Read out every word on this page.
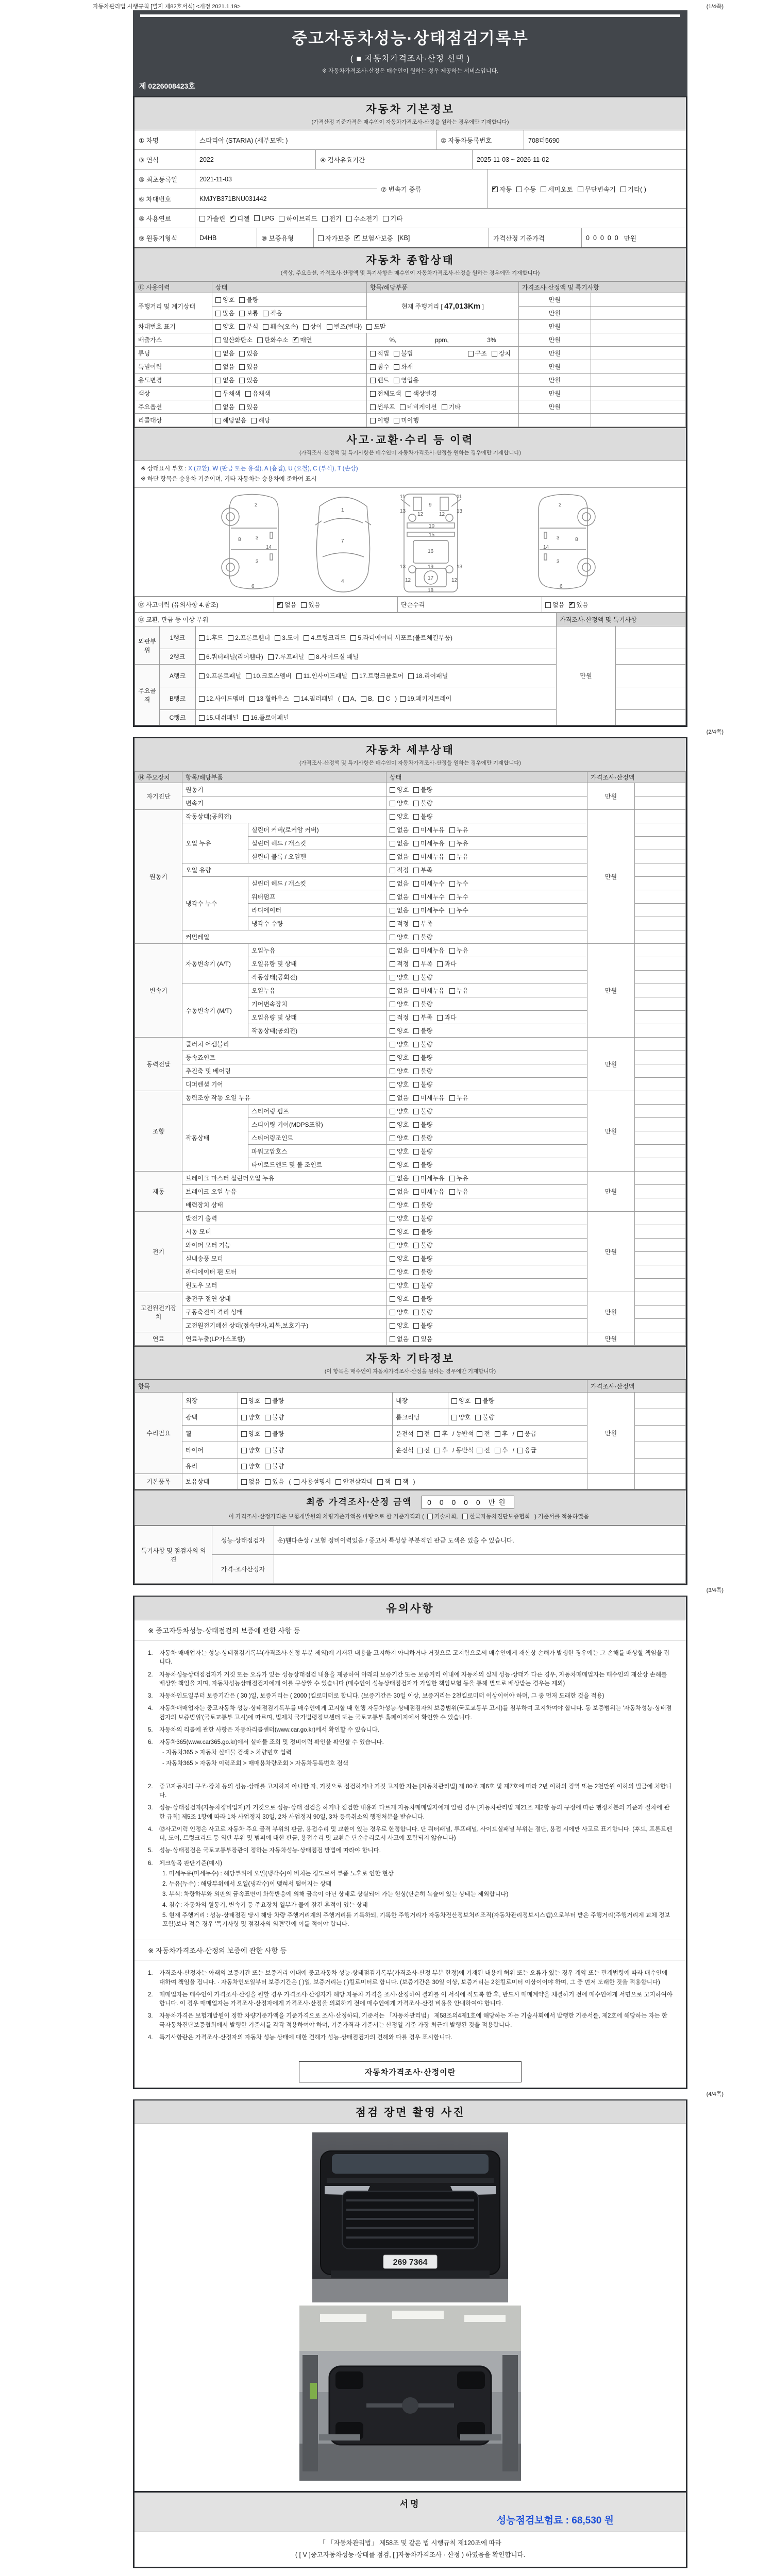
자동차관리법 시행규칙 [별지 제82호서식] <개정 2021.1.19>	(1/4쪽)
중고자동차성능·상태점검기록부
( ■ 자동차가격조사·산정 선택 )
※ 자동차가격조사·산정은 매수인이 원하는 경우 제공하는 서비스입니다.
제 0226008423호
자동차 기본정보
(가격산정 기준가격은 매수인이 자동차가격조사·산정을 원하는 경우에만 기재합니다)
① 차명	스타리아 (STARIA) (세부모델: )	② 자동차등록번호	708더5690
③ 연식	2022	④ 검사유효기간	2025-11-03 ~ 2026-11-02
⑤ 최초등록일	2021-11-03
⑥ 차대번호	KMJYB371BNU031442
⑦ 변속기 종류 ✔	자동	수동	세미오토	무단변속기	기타( )
⑧ 사용연료	가솔린 ✔	디젤	LPG	하이브리드	전기	수소전기	기타
⑨ 원동기형식	D4HB	⑩ 보증유형	자가보증 ✔	보험사보증 [KB]	가격산정 기준가격	00000 만원
자동차 종합상태
(색상, 주요옵션, 가격조사·산정액 및 특기사항은 매수인이 자동차가격조사·산정을 원하는 경우에만 기재합니다)
⑪ 사용이력	상태	항목/해당부품	가격조사·산정액 및 특기사항	
주행거리 및 계기상태	양호 불량	현재 주행거리 [ 47,013Km ]	만원	
	많음 보통 적음		만원	
차대번호 표기	양호 부식 훼손(오손) 상이 변조(변타) 도말		만원	
배출가스	일산화탄소 탄화수소 ✔ 매연	%, ppm, 3%	만원	
튜닝	없음 있음	적법 불법 구조 장치	만원	
특별이력	없음 있음	침수 화재	만원	
용도변경	없음 있음	렌트 영업용	만원	
색상	무채색 유채색	전체도색 색상변경	만원	
주요옵션	없음 있음	썬루프 네비게이션 기타	만원	
리콜대상	해당없음 해당	이행 미이행		
사고·교환·수리 등 이력
(가격조사·산정액 및 특기사항은 매수인이 자동차가격조사·산정을 원하는 경우에만 기재합니다)
※ 상태표시 부호 : X (교환), W (판금 또는 용접), A (흠집), U (요철), C (부식), T (손상)
※ 하단 항목은 승용차 기준이며, 기타 자동차는 승용차에 준하여 표시
2
8	3
14
3
6
1
7
4
11	11
9
13	13
12	12
10
15
16
13	13
12	12
17
18
19
2
8
3
14
3
6
⑫ 사고이력 (유의사항 4.참조)	✔없음 있음	단순수리	없음 ✔ 있음
⑬ 교환, 판금 등 이상 부위			가격조사·산정액 및 특기사항	
외판부위	1랭크	1.후드 2.프론트휀더 3.도어 4.트렁크리드 5.라디에이터 서포트(볼트체결부품)	만원	
	2랭크	6.쿼터패널(리어휀다) 7.루프패널 8.사이드실 패널		
주요골격	A랭크	9.프론트패널 10.크로스멤버 11.인사이드패널 17.트렁크플로어 18.리어패널		
	B랭크	12.사이드멤버 13 휠하우스 14.필러패널 ( A, B, C ) 19.패키지트레이		
	C랭크	15.대쉬패널 16.플로어패널		
(2/4쪽)
자동차 세부상태
(가격조사·산정액 및 특기사항은 매수인이 자동차가격조사·산정을 원하는 경우에만 기재합니다)
⑭ 주요장치	항목/해당부품		상태	가격조사·산정액	
자기진단	원동기		양호 불량	만원	
	변속기		양호 불량		
원동기	작동상태(공회전)		양호 불량	만원	
	오일 누유	실린더 커버(로커암 커버)	없음 미세누유 누유		
		실린더 헤드 / 개스킷	없음 미세누유 누유		
		실린더 블록 / 오일팬	없음 미세누유 누유		
	오일 유량		적정 부족		
	냉각수 누수	실린더 헤드 / 개스킷	없음 미세누수 누수		
		워터펌프	없음 미세누수 누수		
		라디에이터	없음 미세누수 누수		
		냉각수 수량	적정 부족		
	커먼레일		양호 불량		
변속기	자동변속기 (A/T)	오일누유	없음 미세누유 누유	만원	
		오일유량 및 상태	적정 부족 과다		
		작동상태(공회전)	양호 불량		
	수동변속기 (M/T)	오일누유	없음 미세누유 누유		
		기어변속장치	양호 불량		
		오일유량 및 상태	적정 부족 과다		
		작동상태(공회전)	양호 불량		
동력전달	클러치 어셈블리		양호 불량	만원	
	등속죠인트		양호 불량		
	추진축 및 베어링		양호 불량		
	디퍼렌셜 기어		양호 불량		
조향	동력조향 작동 오일 누유		없음 미세누유 누유	만원	
	작동상태	스티어링 펌프	양호 불량		
		스티어링 기어(MDPS포함)	양호 불량		
		스티어링조인트	양호 불량		
		파워고압호스	양호 불량		
		타이로드엔드 및 볼 조인트	양호 불량		
제동	브레이크 마스터 실린더오일 누유		없음 미세누유 누유	만원	
	브레이크 오일 누유		없음 미세누유 누유		
	배력장치 상태		양호 불량		
전기	발전기 출력		양호 불량	만원	
	시동 모터		양호 불량		
	와이퍼 모터 기능		양호 불량		
	실내송풍 모터		양호 불량		
	라디에이터 팬 모터		양호 불량		
	윈도우 모터		양호 불량		
고전원전기장치	충전구 절연 상태		양호 불량	만원	
	구동축전지 격리 상태		양호 불량		
	고전원전기배선 상태(접속단자,피복,보호기구)		양호 불량		
연료	연료누출(LP가스포함)		없음 있음	만원	
자동차 기타정보
(이 항목은 매수인이 자동차가격조사·산정을 원하는 경우에만 기재합니다)
항목					가격조사·산정액	
수리필요	외장	양호 불량	내장	양호 불량	만원	
	광택	양호 불량	룸크리닝	양호 불량		
	휠	양호 불량	운전석 전 후 / 동반석 전 후 / 응급			
	타이어	양호 불량	운전석 전 후 / 동반석 전 후 / 응급			
	유리	양호 불량				
기본품목	보유상태	없음 있음 ( 사용설명서 안전삼각대 잭 잭 )				
최종 가격조사·산정 금액 0 0 0 0 0 만원
이 가격조사·산정가격은 보험개발원의 차량기준가액을 바탕으로 한 기준가격과 ( 기술사회, 한국자동차진단보증협회 ) 기준서를 적용하였음
특기사항 및 점검자의 의견	성능·상태점검자	운)휀다손상 / 보험 정비이력있음 / 중고차 특성상 부분적인 판금 도색은 있을 수 있습니다.
	가격·조사산정자	
(3/4쪽)
유의사항
※ 중고자동차성능·상태점검의 보증에 관한 사항 등
1.	자동차 매매업자는 성능·상태점검기록부(가격조사·산정 부분 제외)에 기재된 내용을 고지하지 아니하거나 거짓으로 고지함으로써 매수인에게 재산상 손해가 발생한 경우에는 그 손해를 배상할 책임을 집니다.
2.	자동차성능상태점검자가 거짓 또는 오류가 있는 성능상태점검 내용을 제공하여 아래의 보증기간 또는 보증거리 이내에 자동차의 실제 성능·상태가 다른 경우, 자동차매매업자는 매수인의 재산상 손해를 배상할 책임을 지며, 자동차성능상태점검자에게 이를 구상할 수 있습니다.(매수인이 성능상태점검자가 가입한 책임보험 등을 통해 별도로 배상받는 경우는 제외)
3.	자동차인도일부터 보증기간은 ( 30 )일, 보증거리는 ( 2000 )킬로미터로 합니다. (보증기간은 30일 이상, 보증거리는 2천킬로미터 이상이어야 하며, 그 중 먼저 도래한 것을 적용)
4.	자동차매매업자는 중고자동차 성능·상태점검기록부를 매수인에게 고지할 때 현행 자동차성능·상태점검자의 보증범위(국토교통부 고시)를 첨부하여 고지하여야 합니다. 동 보증범위는 '자동차성능·상태점검자의 보증범위'(국토교통부 고시)에 따르며, 법제처 국가법령정보센터 또는 국토교통부 홈페이지에서 확인할 수 있습니다.
5.	자동차의 리콜에 관한 사항은 자동차리콜센터(www.car.go.kr)에서 확인할 수 있습니다.
6.	자동차365(www.car365.go.kr)에서 실매물 조회 및 정비이력 확인을 확인할 수 있습니다.
- 자동차365 > 자동차 실매물 검색 > 차량번호 입력
- 자동차365 > 자동차 이력조회 > 매매용차량조회 > 자동차등록번호 검색
2.	중고자동차의 구조·장치 등의 성능·상태를 고지하지 아니한 자, 거짓으로 점검하거나 거짓 고지한 자는 [자동차관리법] 제 80조 제6호 및 제7호에 따라 2년 이하의 징역 또는 2천만원 이하의 벌금에 처합니다.
3.	성능·상태점검자(자동차정비업자)가 거짓으로 성능·상태 점검을 하거나 점검한 내용과 다르게 자동차매매업자에게 알린 경우 [자동차관리법 제21조 제2항 등의 규정에 따른 행정처분의 기준과 절차에 관한 규칙] 제5조 1항에 따라 1차 사업정지 30일, 2차 사업정지 90일, 3차 등록취소의 행정처분을 받습니다.
4.	⑫사고이력 인정은 사고로 자동차 주요 골격 부위의 판금, 용접수리 및 교환이 있는 경우로 한정합니다. 단 쿼터패널, 루프패널, 사이드실패널 부위는 절단, 용접 시에만 사고로 표기합니다. (후드, 프론트펜더, 도어, 트렁크리드 등 외판 부위 및 범퍼에 대한 판금, 용접수리 및 교환은 단순수리로서 사고에 포함되지 않습니다)
5.	성능·상태점검은 국토교통부장관이 정하는 자동차성능·상태점검 방법에 따라야 합니다.
6.	체크항목 판단기준(예시)
1. 미세누유(미세누수) : 해당부위에 오일(냉각수)이 비치는 정도로서 부품 노후로 인한 현상
2. 누유(누수) : 해당부위에서 오일(냉각수)이 맺혀서 떨어지는 상태
3. 부식: 차량하부와 외판의 금속표면이 화학반응에 의해 금속이 아닌 상태로 상실되어 가는 현상(단순히 녹슬어 있는 상태는 제외합니다)
4. 침수: 자동차의 원동기, 변속기 등 주요장치 일부가 물에 잠긴 흔적이 있는 상태
5. 현재 주행거리 : 성능·상태점검 당시 해당 차량 주행거리계의 주행거리를 기록하되, 기록한 주행거리가 자동차전산정보처리조직(자동차관리정보시스템)으로부터 받은 주행거리(주행거리계 교체 정보 포함)보다 적은 경우 '특기사항 및 점검자의 의견'란에 이를 적어야 합니다.
※ 자동차가격조사·산정의 보증에 관한 사항 등
1.	가격조사·산정자는 아래의 보증기간 또는 보증거리 이내에 중고자동차 성능·상태점검기록부(가격조사·산정 부분 한정)에 기재된 내용에 허위 또는 오류가 있는 경우 계약 또는 관계법령에 따라 매수인에 대하여 책임을 집니다. · 자동차인도일부터 보증기간은 ( )일, 보증거리는 ( )킬로미터로 합니다. (보증기간은 30일 이상, 보증거리는 2천킬로미터 이상이어야 하며, 그 중 먼저 도래한 것을 적용합니다)
2.	매매업자는 매수인이 가격조사·산정을 원할 경우 가격조사·산정자가 해당 자동차 가격을 조사·산정하여 결과를 이 서식에 적도록 한 후, 반드시 매매계약을 체결하기 전에 매수인에게 서면으로 고지하여야 합니다. 이 경우 매매업자는 가격조사·산정자에게 가격조사·산정을 의뢰하기 전에 매수인에게 가격조사·산정 비용을 안내하여야 합니다.
3.	자동차가격은 보험개발원이 정한 차량기준가액을 기준가격으로 조사·산정하되, 기준서는 「자동차관리법」 제58조의4제1호에 해당하는 자는 기술사회에서 발행한 기준서를, 제2호에 해당하는 자는 한국자동차진단보증협회에서 발행한 기준서를 각각 적용하여야 하며, 기준가격과 기준서는 산정일 기준 가장 최근에 발행된 것을 적용합니다.
4.	특기사항란은 가격조사·산정자의 자동차 성능·상태에 대한 견해가 성능·상태점검자의 견해와 다를 경우 표시합니다.
자동차가격조사·산정이란
(4/4쪽)
점검 장면 촬영 사진
269 7364
서명
성능점검보험료 : 68,530 원
「 「자동차관리법」 제58조 및 같은 법 시행규칙 제120조에 따라
( [ V ]중고자동차성능·상태를 점검, [ ]자동차가격조사 · 산정 ) 하였음을 확인합니다.
